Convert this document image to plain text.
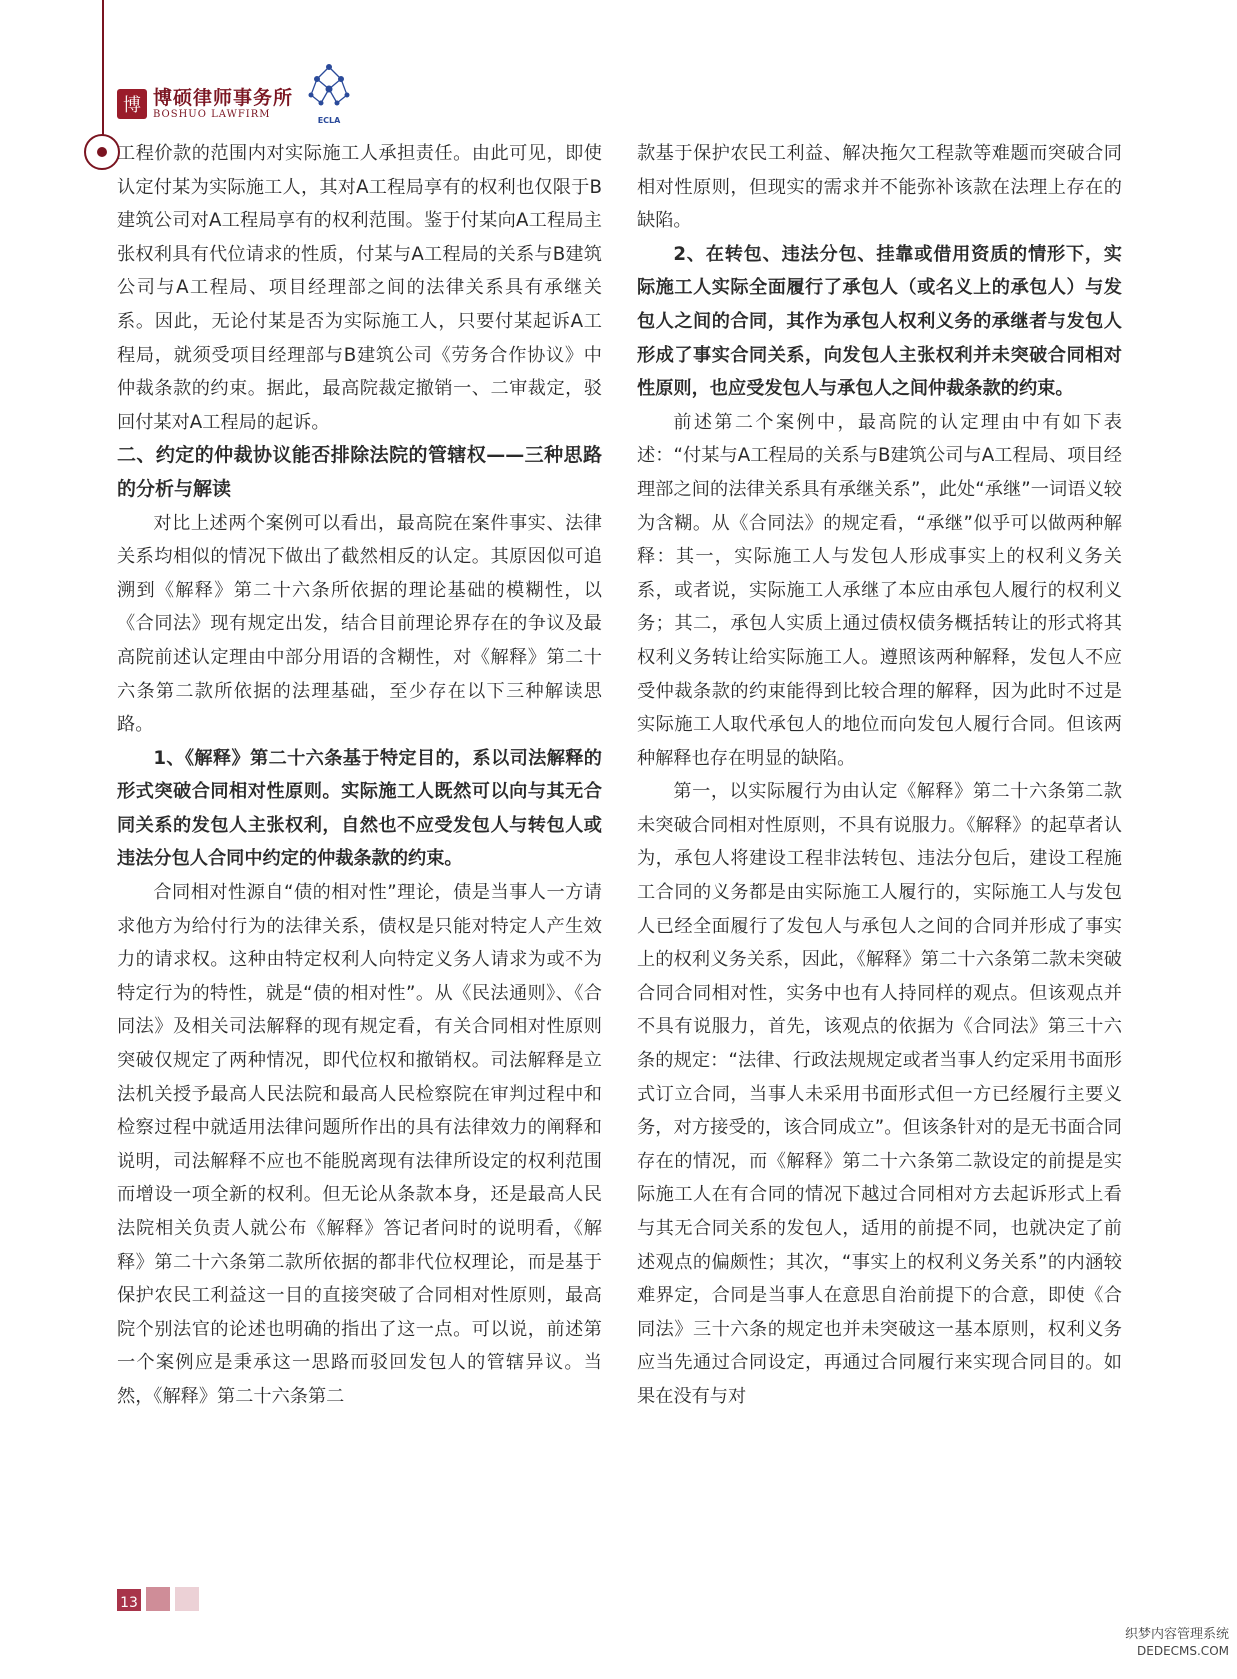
博 博硕律师事务所
BOSHUO LAWFIRM
ECLA

工程价款的范围内对实际施工人承担责任。由此可见，即使认定付某为实际施工人，其对A工程局享有的权利也仅限于B建筑公司对A工程局享有的权利范围。鉴于付某向A工程局主张权利具有代位请求的性质，付某与A工程局的关系与B建筑公司与A工程局、项目经理部之间的法律关系具有承继关系。因此，无论付某是否为实际施工人，只要付某起诉A工程局，就须受项目经理部与B建筑公司《劳务合作协议》中仲裁条款的约束。据此，最高院裁定撤销一、二审裁定，驳回付某对A工程局的起诉。

二、约定的仲裁协议能否排除法院的管辖权——三种思路的分析与解读

对比上述两个案例可以看出，最高院在案件事实、法律关系均相似的情况下做出了截然相反的认定。其原因似可追溯到《解释》第二十六条所依据的理论基础的模糊性，以《合同法》现有规定出发，结合目前理论界存在的争议及最高院前述认定理由中部分用语的含糊性，对《解释》第二十六条第二款所依据的法理基础，至少存在以下三种解读思路。

1、《解释》第二十六条基于特定目的，系以司法解释的形式突破合同相对性原则。实际施工人既然可以向与其无合同关系的发包人主张权利，自然也不应受发包人与转包人或违法分包人合同中约定的仲裁条款的约束。

合同相对性源自“债的相对性”理论，债是当事人一方请求他方为给付行为的法律关系，债权是只能对特定人产生效力的请求权。这种由特定权利人向特定义务人请求为或不为特定行为的特性，就是“债的相对性”。从《民法通则》、《合同法》及相关司法解释的现有规定看，有关合同相对性原则突破仅规定了两种情况，即代位权和撤销权。司法解释是立法机关授予最高人民法院和最高人民检察院在审判过程中和检察过程中就适用法律问题所作出的具有法律效力的阐释和说明，司法解释不应也不能脱离现有法律所设定的权利范围而增设一项全新的权利。但无论从条款本身，还是最高人民法院相关负责人就公布《解释》答记者问时的说明看，《解释》第二十六条第二款所依据的都非代位权理论，而是基于保护农民工利益这一目的直接突破了合同相对性原则，最高院个别法官的论述也明确的指出了这一点。可以说，前述第一个案例应是秉承这一思路而驳回发包人的管辖异议。当然，《解释》第二十六条第二

款基于保护农民工利益、解决拖欠工程款等难题而突破合同相对性原则，但现实的需求并不能弥补该款在法理上存在的缺陷。

2、在转包、违法分包、挂靠或借用资质的情形下，实际施工人实际全面履行了承包人（或名义上的承包人）与发包人之间的合同，其作为承包人权利义务的承继者与发包人形成了事实合同关系，向发包人主张权利并未突破合同相对性原则，也应受发包人与承包人之间仲裁条款的约束。

前述第二个案例中，最高院的认定理由中有如下表述：“付某与A工程局的关系与B建筑公司与A工程局、项目经理部之间的法律关系具有承继关系”，此处“承继”一词语义较为含糊。从《合同法》的规定看，“承继”似乎可以做两种解释：其一，实际施工人与发包人形成事实上的权利义务关系，或者说，实际施工人承继了本应由承包人履行的权利义务；其二，承包人实质上通过债权债务概括转让的形式将其权利义务转让给实际施工人。遵照该两种解释，发包人不应受仲裁条款的约束能得到比较合理的解释，因为此时不过是实际施工人取代承包人的地位而向发包人履行合同。但该两种解释也存在明显的缺陷。

第一，以实际履行为由认定《解释》第二十六条第二款未突破合同相对性原则，不具有说服力。《解释》的起草者认为，承包人将建设工程非法转包、违法分包后，建设工程施工合同的义务都是由实际施工人履行的，实际施工人与发包人已经全面履行了发包人与承包人之间的合同并形成了事实上的权利义务关系，因此，《解释》第二十六条第二款未突破合同合同相对性，实务中也有人持同样的观点。但该观点并不具有说服力，首先，该观点的依据为《合同法》第三十六条的规定：“法律、行政法规规定或者当事人约定采用书面形式订立合同，当事人未采用书面形式但一方已经履行主要义务，对方接受的，该合同成立”。但该条针对的是无书面合同存在的情况，而《解释》第二十六条第二款设定的前提是实际施工人在有合同的情况下越过合同相对方去起诉形式上看与其无合同关系的发包人，适用的前提不同，也就决定了前述观点的偏颇性；其次，“事实上的权利义务关系”的内涵较难界定，合同是当事人在意思自治前提下的合意，即使《合同法》三十六条的规定也并未突破这一基本原则，权利义务应当先通过合同设定，再通过合同履行来实现合同目的。如果在没有与对

13
织梦内容管理系统
DEDECMS.COM
